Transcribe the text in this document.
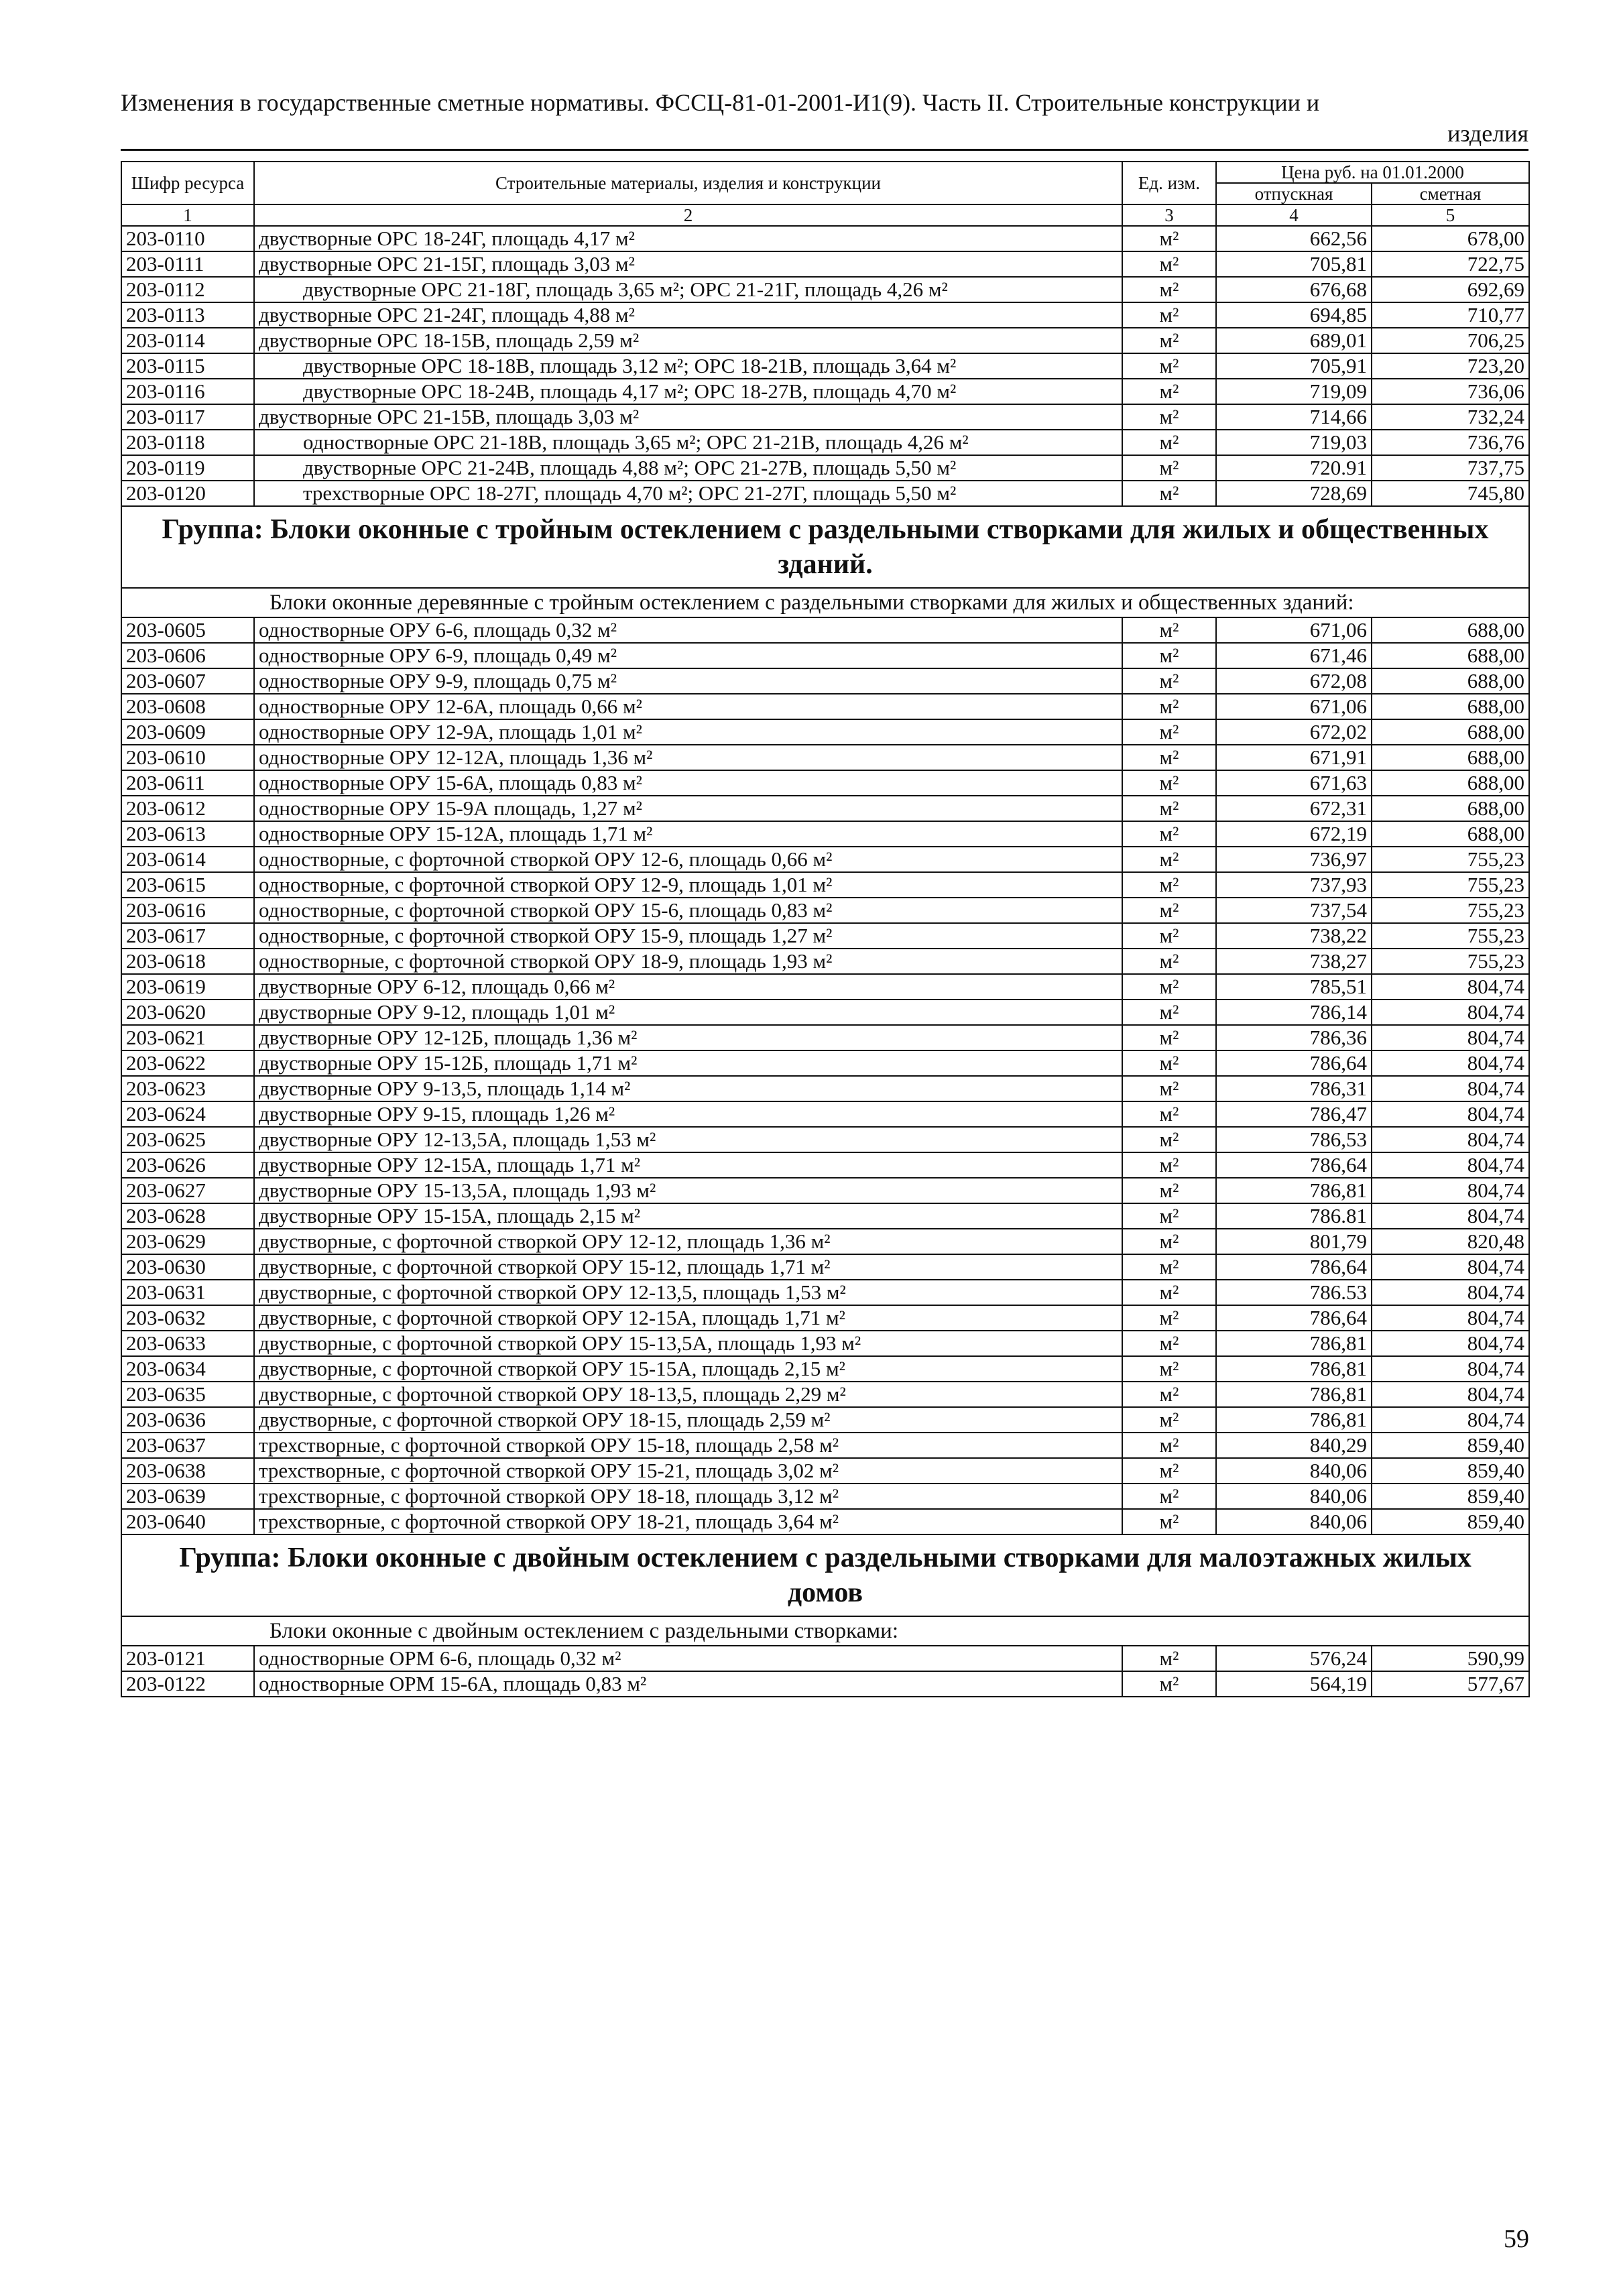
Изменения в государственные сметные нормативы. ФССЦ-81-01-2001-И1(9). Часть II. Строительные конструкции и
изделия
Шифр ресурса	Строительные материалы, изделия и конструкции	Ед. изм.	Цена руб. на 01.01.2000	
			отпускная	сметная
1	2	3	4	5
203-0110	двустворные ОРС 18-24Г, площадь 4,17 м²	м²	662,56	678,00
203-0111	двустворные ОРС 21-15Г, площадь 3,03 м²	м²	705,81	722,75
203-0112	двустворные ОРС 21-18Г, площадь 3,65 м²; ОРС 21-21Г, площадь 4,26 м²	м²	676,68	692,69
203-0113	двустворные ОРС 21-24Г, площадь 4,88 м²	м²	694,85	710,77
203-0114	двустворные ОРС 18-15В, площадь 2,59 м²	м²	689,01	706,25
203-0115	двустворные ОРС 18-18В, площадь 3,12 м²; ОРС 18-21В, площадь 3,64 м²	м²	705,91	723,20
203-0116	двустворные ОРС 18-24В, площадь 4,17 м²; ОРС 18-27В, площадь 4,70 м²	м²	719,09	736,06
203-0117	двустворные ОРС 21-15В, площадь 3,03 м²	м²	714,66	732,24
203-0118	одностворные ОРС 21-18В, площадь 3,65 м²; ОРС 21-21В, площадь 4,26 м²	м²	719,03	736,76
203-0119	двустворные ОРС 21-24В, площадь 4,88 м²; ОРС 21-27В, площадь 5,50 м²	м²	720.91	737,75
203-0120	трехстворные ОРС 18-27Г, площадь 4,70 м²; ОРС 21-27Г, площадь 5,50 м²	м²	728,69	745,80
Группа: Блоки оконные с тройным остеклением с раздельными створками для жилых и общественных зданий.				
Блоки оконные деревянные с тройным остеклением с раздельными створками для жилых и общественных зданий:				
203-0605	одностворные ОРУ 6-6, площадь 0,32 м²	м²	671,06	688,00
203-0606	одностворные ОРУ 6-9, площадь 0,49 м²	м²	671,46	688,00
203-0607	одностворные ОРУ 9-9, площадь 0,75 м²	м²	672,08	688,00
203-0608	одностворные ОРУ 12-6А, площадь 0,66 м²	м²	671,06	688,00
203-0609	одностворные ОРУ 12-9А, площадь 1,01 м²	м²	672,02	688,00
203-0610	одностворные ОРУ 12-12А, площадь 1,36 м²	м²	671,91	688,00
203-0611	одностворные ОРУ 15-6А, площадь 0,83 м²	м²	671,63	688,00
203-0612	одностворные ОРУ 15-9А площадь, 1,27 м²	м²	672,31	688,00
203-0613	одностворные ОРУ 15-12А, площадь 1,71 м²	м²	672,19	688,00
203-0614	одностворные, с форточной створкой ОРУ 12-6, площадь 0,66 м²	м²	736,97	755,23
203-0615	одностворные, с форточной створкой ОРУ 12-9, площадь 1,01 м²	м²	737,93	755,23
203-0616	одностворные, с форточной створкой ОРУ 15-6, площадь 0,83 м²	м²	737,54	755,23
203-0617	одностворные, с форточной створкой ОРУ 15-9, площадь 1,27 м²	м²	738,22	755,23
203-0618	одностворные, с форточной створкой ОРУ 18-9, площадь 1,93 м²	м²	738,27	755,23
203-0619	двустворные ОРУ 6-12, площадь 0,66 м²	м²	785,51	804,74
203-0620	двустворные ОРУ 9-12, площадь 1,01 м²	м²	786,14	804,74
203-0621	двустворные ОРУ 12-12Б, площадь 1,36 м²	м²	786,36	804,74
203-0622	двустворные ОРУ 15-12Б, площадь 1,71 м²	м²	786,64	804,74
203-0623	двустворные ОРУ 9-13,5, площадь 1,14 м²	м²	786,31	804,74
203-0624	двустворные ОРУ 9-15, площадь 1,26 м²	м²	786,47	804,74
203-0625	двустворные ОРУ 12-13,5А, площадь 1,53 м²	м²	786,53	804,74
203-0626	двустворные ОРУ 12-15А, площадь 1,71 м²	м²	786,64	804,74
203-0627	двустворные ОРУ 15-13,5А, площадь 1,93 м²	м²	786,81	804,74
203-0628	двустворные ОРУ 15-15А, площадь 2,15 м²	м²	786.81	804,74
203-0629	двустворные, с форточной створкой ОРУ 12-12, площадь 1,36 м²	м²	801,79	820,48
203-0630	двустворные, с форточной створкой ОРУ 15-12, площадь 1,71 м²	м²	786,64	804,74
203-0631	двустворные, с форточной створкой ОРУ 12-13,5, площадь 1,53 м²	м²	786.53	804,74
203-0632	двустворные, с форточной створкой ОРУ 12-15А, площадь 1,71 м²	м²	786,64	804,74
203-0633	двустворные, с форточной створкой ОРУ 15-13,5А, площадь 1,93 м²	м²	786,81	804,74
203-0634	двустворные, с форточной створкой ОРУ 15-15А, площадь 2,15 м²	м²	786,81	804,74
203-0635	двустворные, с форточной створкой ОРУ 18-13,5, площадь 2,29 м²	м²	786,81	804,74
203-0636	двустворные, с форточной створкой ОРУ 18-15, площадь 2,59 м²	м²	786,81	804,74
203-0637	трехстворные, с форточной створкой ОРУ 15-18, площадь 2,58 м²	м²	840,29	859,40
203-0638	трехстворные, с форточной створкой ОРУ 15-21, площадь 3,02 м²	м²	840,06	859,40
203-0639	трехстворные, с форточной створкой ОРУ 18-18, площадь 3,12 м²	м²	840,06	859,40
203-0640	трехстворные, с форточной створкой ОРУ 18-21, площадь 3,64 м²	м²	840,06	859,40
Группа: Блоки оконные с двойным остеклением с раздельными створками для малоэтажных жилых домов				
Блоки оконные с двойным остеклением с раздельными створками:				
203-0121	одностворные ОРМ 6-6, площадь 0,32 м²	м²	576,24	590,99
203-0122	одностворные ОРМ 15-6А, площадь 0,83 м²	м²	564,19	577,67
59
